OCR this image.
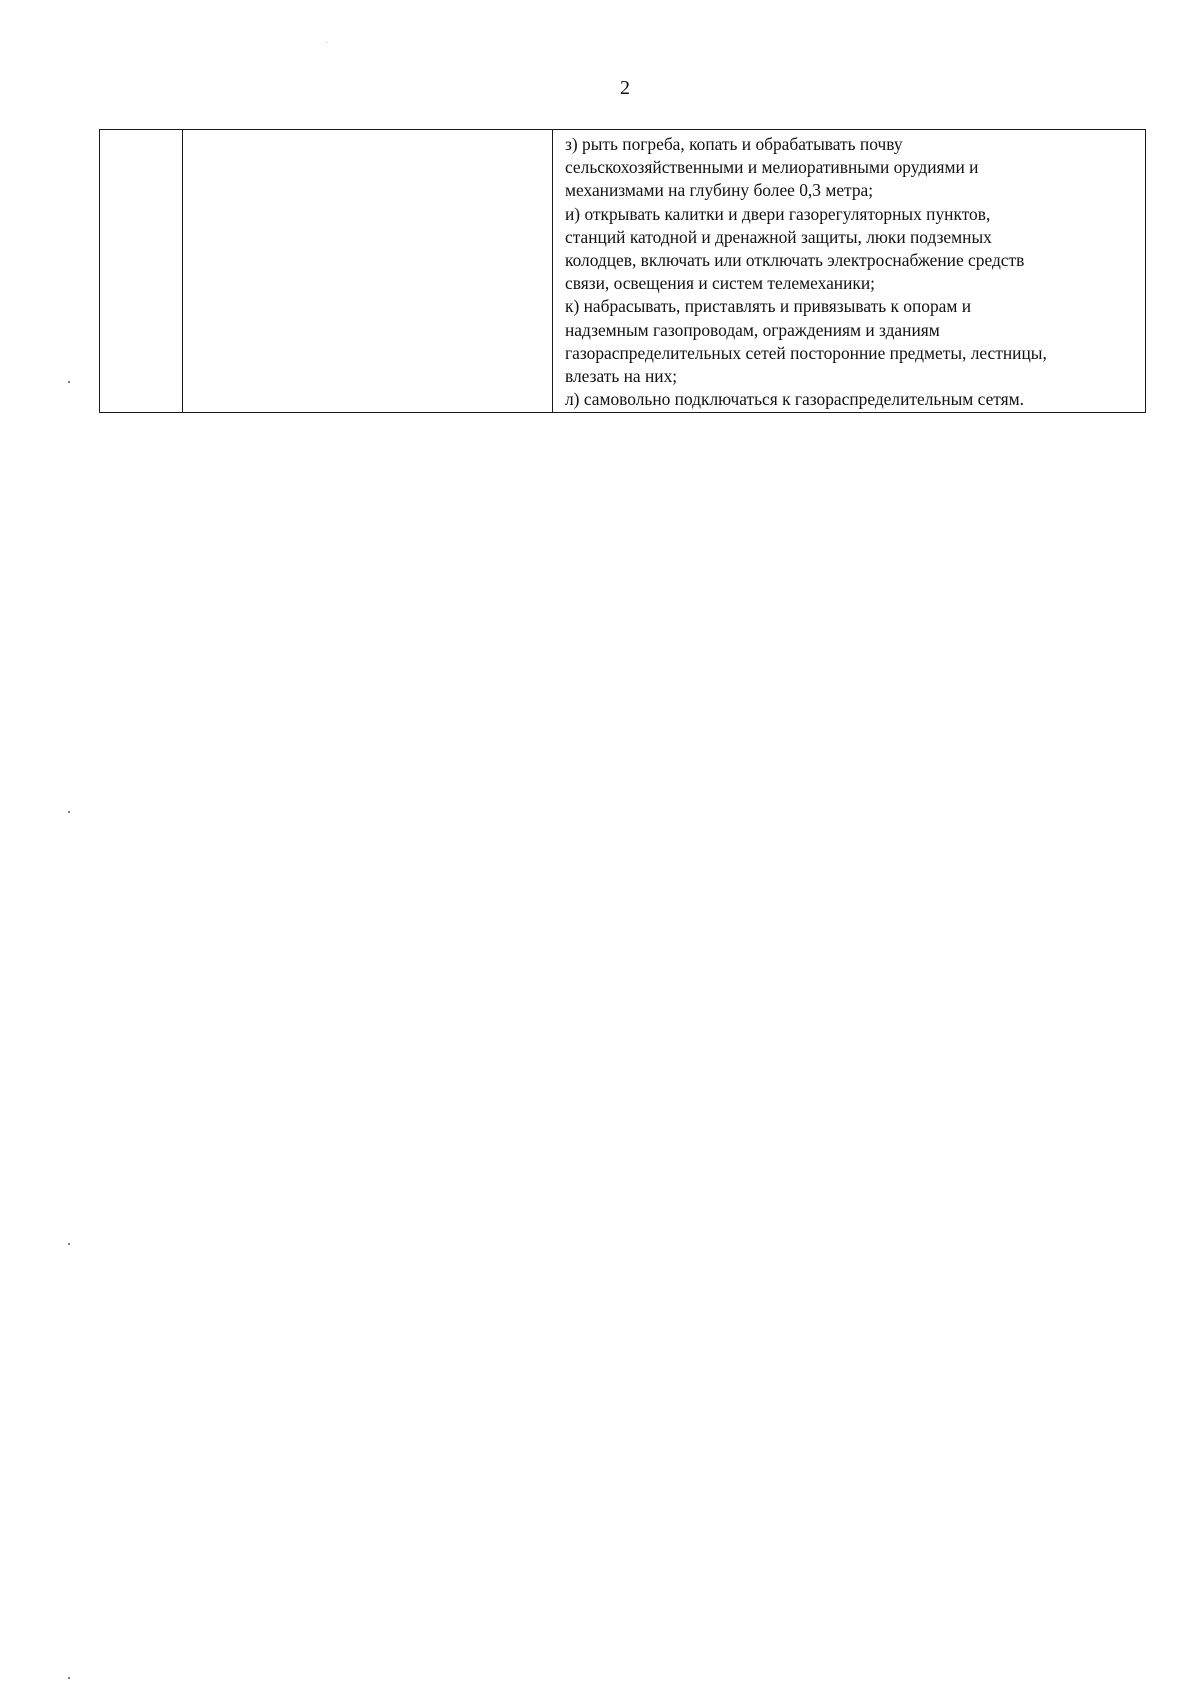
2

з) рыть погреба, копать и обрабатывать почву
сельскохозяйственными и мелиоративными орудиями и
механизмами на глубину более 0,3 метра;
и) открывать калитки и двери газорегуляторных пунктов,
станций катодной и дренажной защиты, люки подземных
колодцев, включать или отключать электроснабжение средств
связи, освещения и систем телемеханики;
к) набрасывать, приставлять и привязывать к опорам и
надземным газопроводам, ограждениям и зданиям
газораспределительных сетей посторонние предметы, лестницы,
влезать на них;
л) самовольно подключаться к газораспределительным сетям.
